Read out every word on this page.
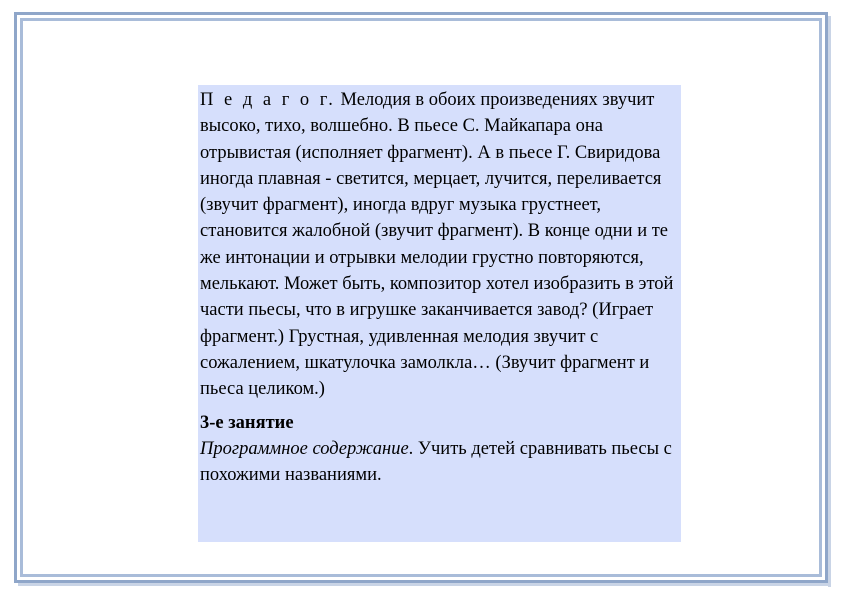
П е д а г о г. Мелодия в обоих произведениях звучит высоко, тихо, волшебно. В пьесе С. Майкапара она отрывистая (исполняет фрагмент). А в пьесе Г. Свиридова иногда плавная - светится, мерцает, лучится, переливается (звучит фрагмент), иногда вдруг музыка грустнеет, становится жалобной (звучит фрагмент). В конце одни и те же интонации и отрывки мелодии грустно повторяются, мелькают. Может быть, композитор хотел изобразить в этой части пьесы, что в игрушке заканчивается завод? (Играет фрагмент.) Грустная, удивленная мелодия звучит с сожалением, шкатулочка замолкла… (Звучит фрагмент и пьеса целиком.)

3-е занятие

Программное содержание. Учить детей сравнивать пьесы с похожими названиями.
